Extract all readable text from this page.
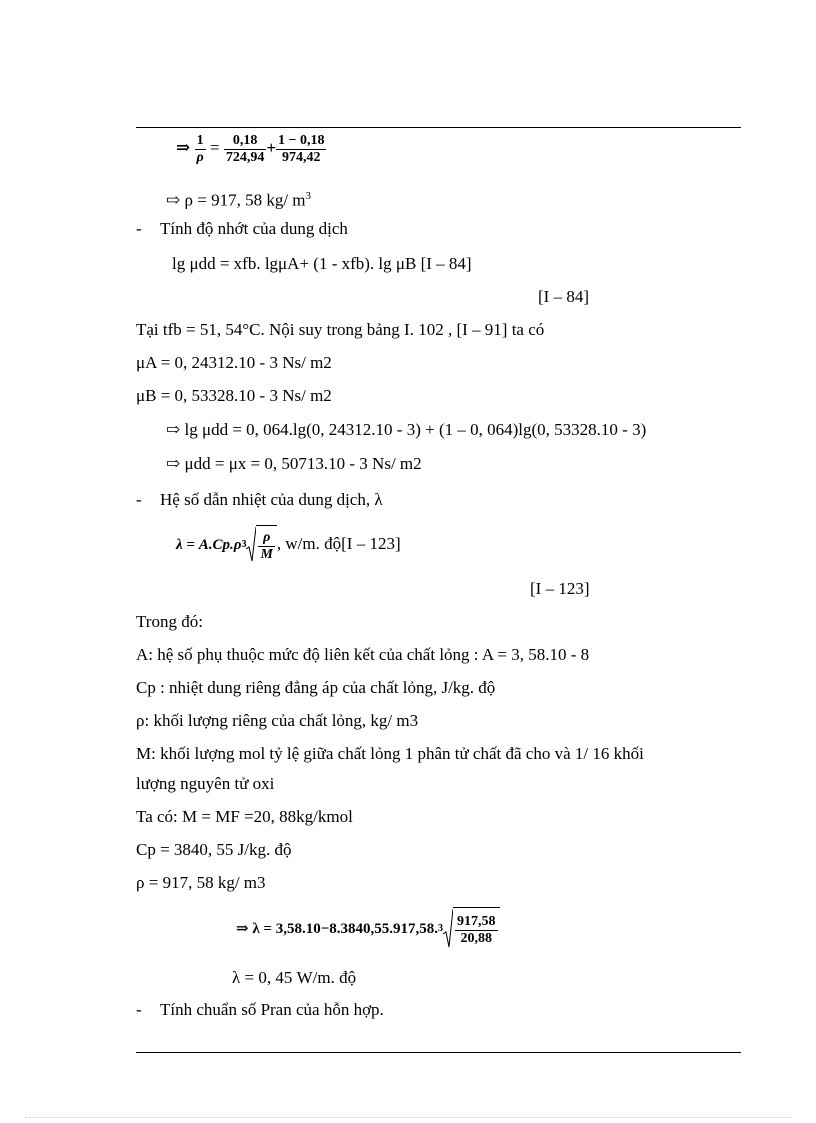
⇒ $\frac{1}{\rho} = \frac{0,18}{724,94} + \frac{1 - 0,18}{974,42}$
⇨ ρ = 917, 58 kg/ $m^3$
- Tính độ nhớt của dung dịch
lg μdd = xfb. lgμA+ (1 - xfb). lg μB [I – 84]
[I – 84]
Tại tfb = 51, 54°C. Nội suy trong bảng I. 102 , [I – 91] ta có
μA = 0, 24312.10 - 3 Ns/ m2
μB = 0, 53328.10 - 3 Ns/ m2
⇨ lg μdd = 0, 064.lg(0, 24312.10 - 3) + (1 – 0, 064)lg(0, 53328.10 - 3)
⇨ μdd = μx = 0, 50713.10 - 3 Ns/ m2
- Hệ số dẫn nhiệt của dung dịch, λ
$\lambda = A.Cp.\rho 3 \frac{\rho}{M}$ , w/m. độ[I – 123]
[I – 123]
Trong đó:
A: hệ số phụ thuộc mức độ liên kết của chất lỏng : A = 3, 58.10 - 8
Cp : nhiệt dung riêng đẳng áp của chất lỏng, J/kg. độ
ρ: khối lượng riêng của chất lỏng, kg/ m3
M: khối lượng mol tỷ lệ giữa chất lỏng 1 phân tử chất đã cho và 1/ 16 khối
lượng nguyên tử oxi
Ta có: M = MF =20, 88kg/kmol
Cp = 3840, 55 J/kg. độ
ρ = 917, 58 kg/ m3
⇒ $\lambda = 3,58.10-8.3840,55.917,58.3 \frac{917,58}{20,88}$
λ = 0, 45 W/m. độ
- Tính chuẩn số Pran của hỗn hợp.
